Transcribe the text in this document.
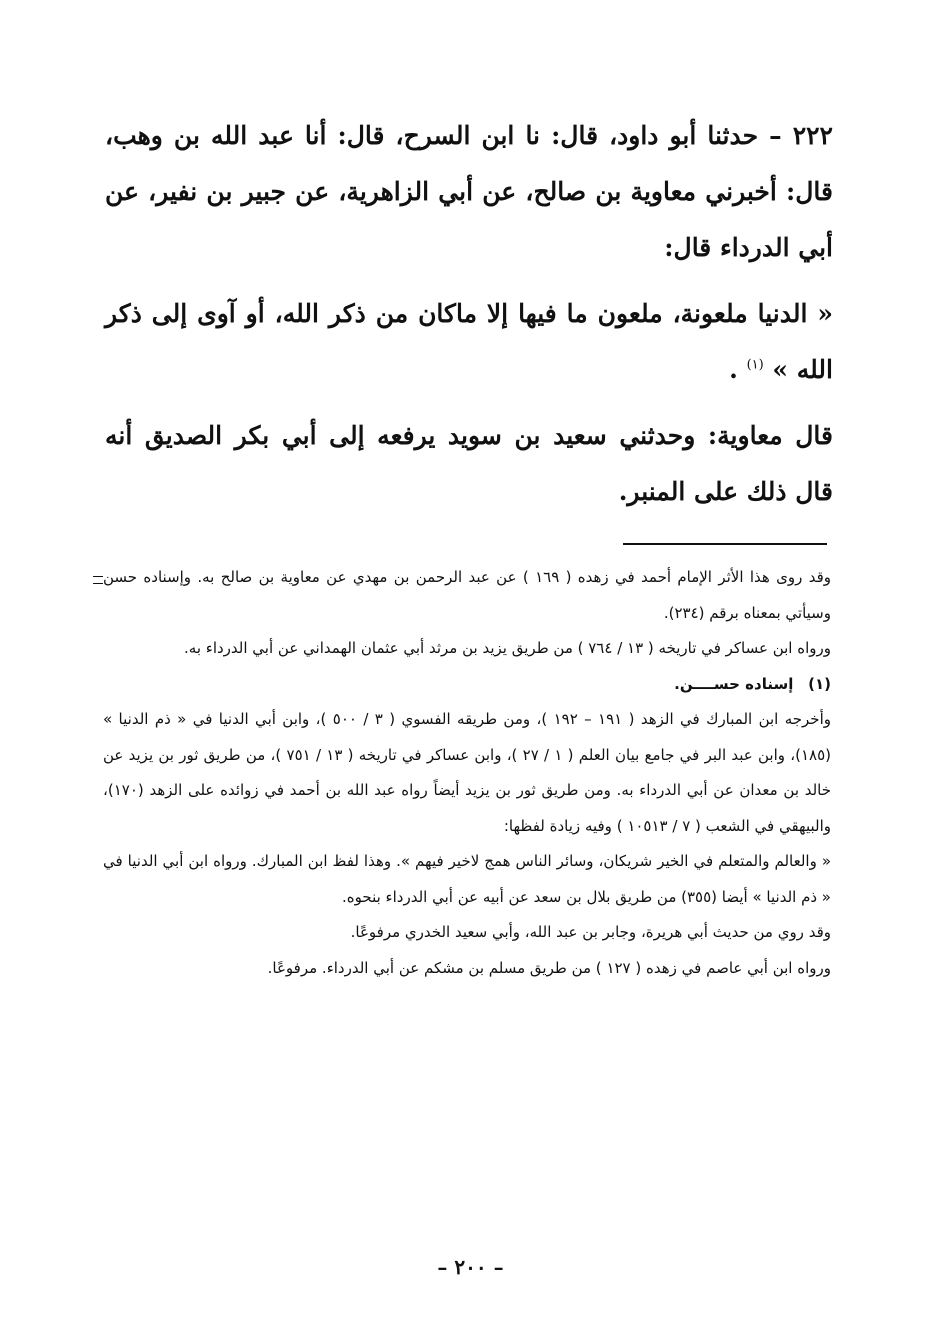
٢٢٢ – حدثنا أبو داود، قال: نا ابن السرح، قال: أنا عبد الله بن وهب، قال: أخبرني معاوية بن صالح، عن أبي الزاهرية، عن جبير بن نفير، عن أبي الدرداء قال:

« الدنيا ملعونة، ملعون ما فيها إلا ماكان من ذكر الله، أو آوى إلى ذكر الله » $^{(١)}$ .

قال معاوية: وحدثني سعيد بن سويد يرفعه إلى أبي بكر الصديق أنه قال ذلك على المنبر.

وقد روى هذا الأثر الإمام أحمد في زهده ( ١٦٩ ) عن عبد الرحمن بن مهدي عن معاوية بن صالح به. وإسناده حسن وسيأتي بمعناه برقم (٢٣٤).

ورواه ابن عساكر في تاريخه ( ١٣ / ٧٦٤ ) من طريق يزيد بن مرثد أبي عثمان الهمداني عن أبي الدرداء به.

(١) إسناده حســــن.

وأخرجه ابن المبارك في الزهد ( ١٩١ – ١٩٢ )، ومن طريقه الفسوي ( ٣ / ٥٠٠ )، وابن أبي الدنيا في « ذم الدنيا » (١٨٥)، وابن عبد البر في جامع بيان العلم ( ١ / ٢٧ )، وابن عساكر في تاريخه ( ١٣ / ٧٥١ )، من طريق ثور بن يزيد عن خالد بن معدان عن أبي الدرداء به. ومن طريق ثور بن يزيد أيضاً رواه عبد الله بن أحمد في زوائده على الزهد (١٧٠)، والبيهقي في الشعب ( ٧ / ١٠٥١٣ ) وفيه زيادة لفظها:

« والعالم والمتعلم في الخير شريكان، وسائر الناس همج لاخير فيهم ». وهذا لفظ ابن المبارك. ورواه ابن أبي الدنيا في « ذم الدنيا » أيضا (٣٥٥) من طريق بلال بن سعد عن أبيه عن أبي الدرداء بنحوه.

وقد روي من حديث أبي هريرة، وجابر بن عبد الله، وأبي سعيد الخدري مرفوعًا.

ورواه ابن أبي عاصم في زهده ( ١٢٧ ) من طريق مسلم بن مشكم عن أبي الدرداء. مرفوعًا.

– ٢٠٠ –
